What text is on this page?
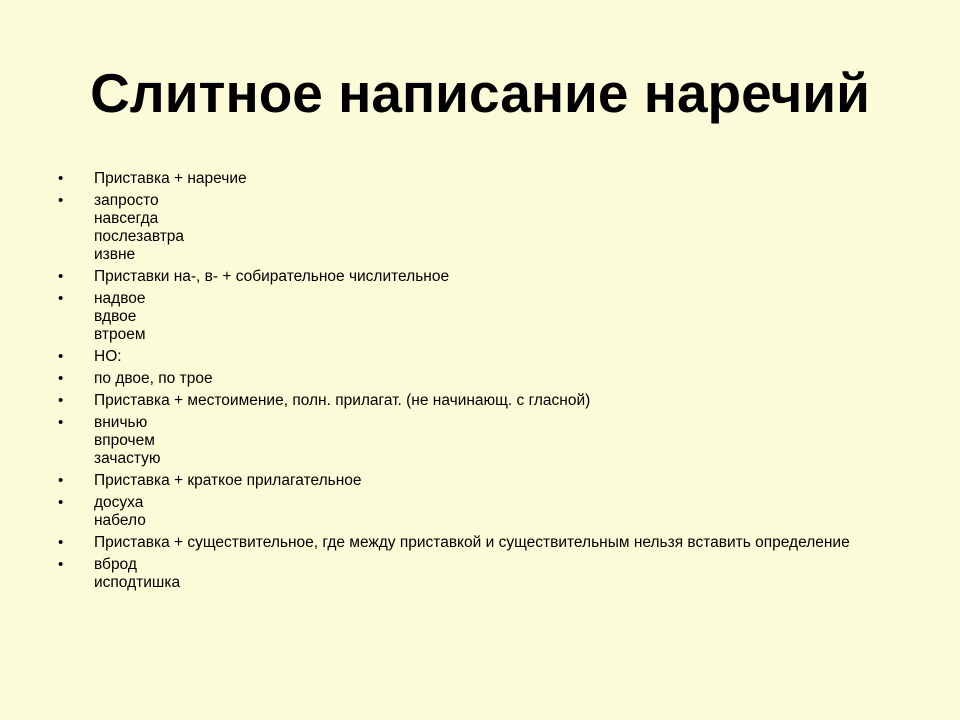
Слитное написание наречий
•	Приставка + наречие
•	запросто
навсегда
послезавтра
извне
•	Приставки на-, в- + собирательное числительное
•	надвое
вдвое
втроем
•	НО:
•	по двое, по трое
•	Приставка + местоимение, полн. прилагат. (не начинающ. с гласной)
•	вничью
впрочем
зачастую
•	Приставка + краткое прилагательное
•	досуха
набело
•	Приставка + существительное, где между приставкой и существительным нельзя вставить определение
•	вброд
исподтишка
